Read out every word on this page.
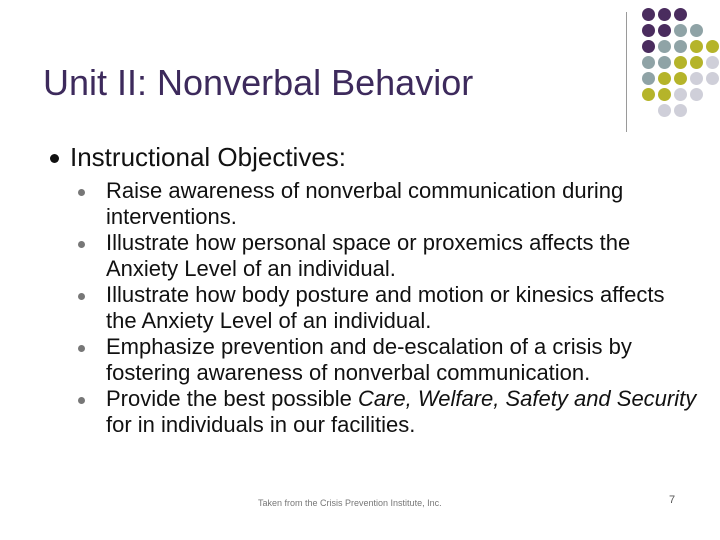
Unit II: Nonverbal Behavior
Instructional Objectives:
Raise awareness of nonverbal communication during interventions.
Illustrate how personal space or proxemics affects the Anxiety Level of an individual.
Illustrate how body posture and motion or kinesics affects the Anxiety Level of an individual.
Emphasize prevention and de-escalation of a crisis by fostering awareness of nonverbal communication.
Provide the best possible Care, Welfare, Safety and Security for in individuals in our facilities.
Taken from the Crisis Prevention Institute, Inc.	7
